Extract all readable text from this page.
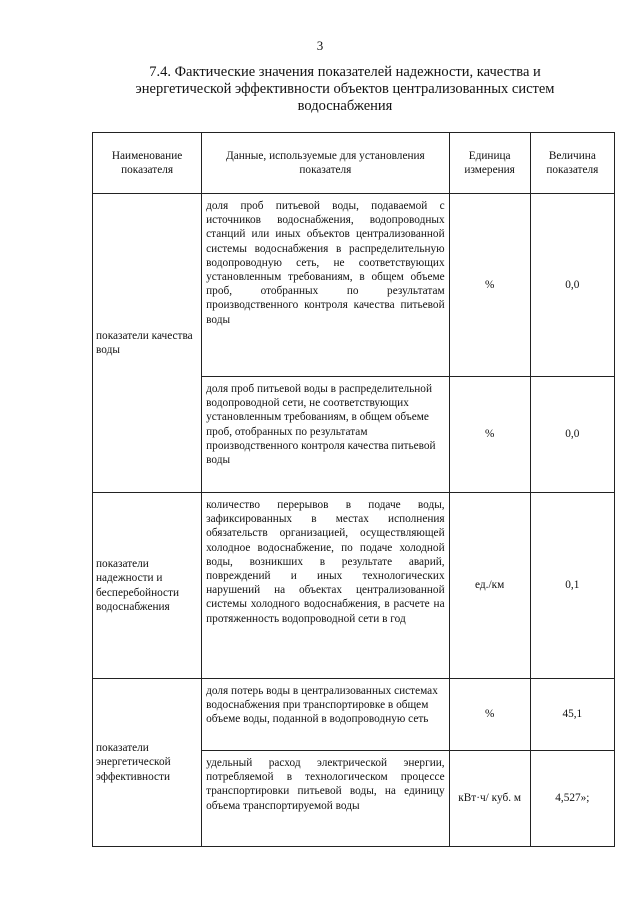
3
7.4. Фактические значения показателей надежности, качества и энергетической эффективности объектов централизованных систем водоснабжения
Наименование показателя	Данные, используемые для установления показателя	Единица измерения	Величина показателя
показатели качества воды	доля проб питьевой воды, подаваемой с источников водоснабжения, водопроводных станций или иных объектов централизованной системы водоснабжения в распределительную водопроводную сеть, не соответствующих установленным требованиям, в общем объеме проб, отобранных по результатам производственного контроля качества питьевой воды	%	0,0
	доля проб питьевой воды в распределительной водопроводной сети, не соответствующих установленным требованиям, в общем объеме проб, отобранных по результатам производственного контроля качества питьевой воды	%	0,0
показатели надежности и бесперебойности водоснабжения	количество перерывов в подаче воды, зафиксированных в местах исполнения обязательств организацией, осуществляющей холодное водоснабжение, по подаче холодной воды, возникших в результате аварий, повреждений и иных технологических нарушений на объектах централизованной системы холодного водоснабжения, в расчете на протяженность водопроводной сети в год	ед./км	0,1
показатели энергетической эффективности	доля потерь воды в централизованных системах водоснабжения при транспортировке в общем объеме воды, поданной в водопроводную сеть	%	45,1
	удельный расход электрической энергии, потребляемой в технологическом процессе транспортировки питьевой воды, на единицу объема транспортируемой воды	кВт·ч/ куб. м	4,527»;
